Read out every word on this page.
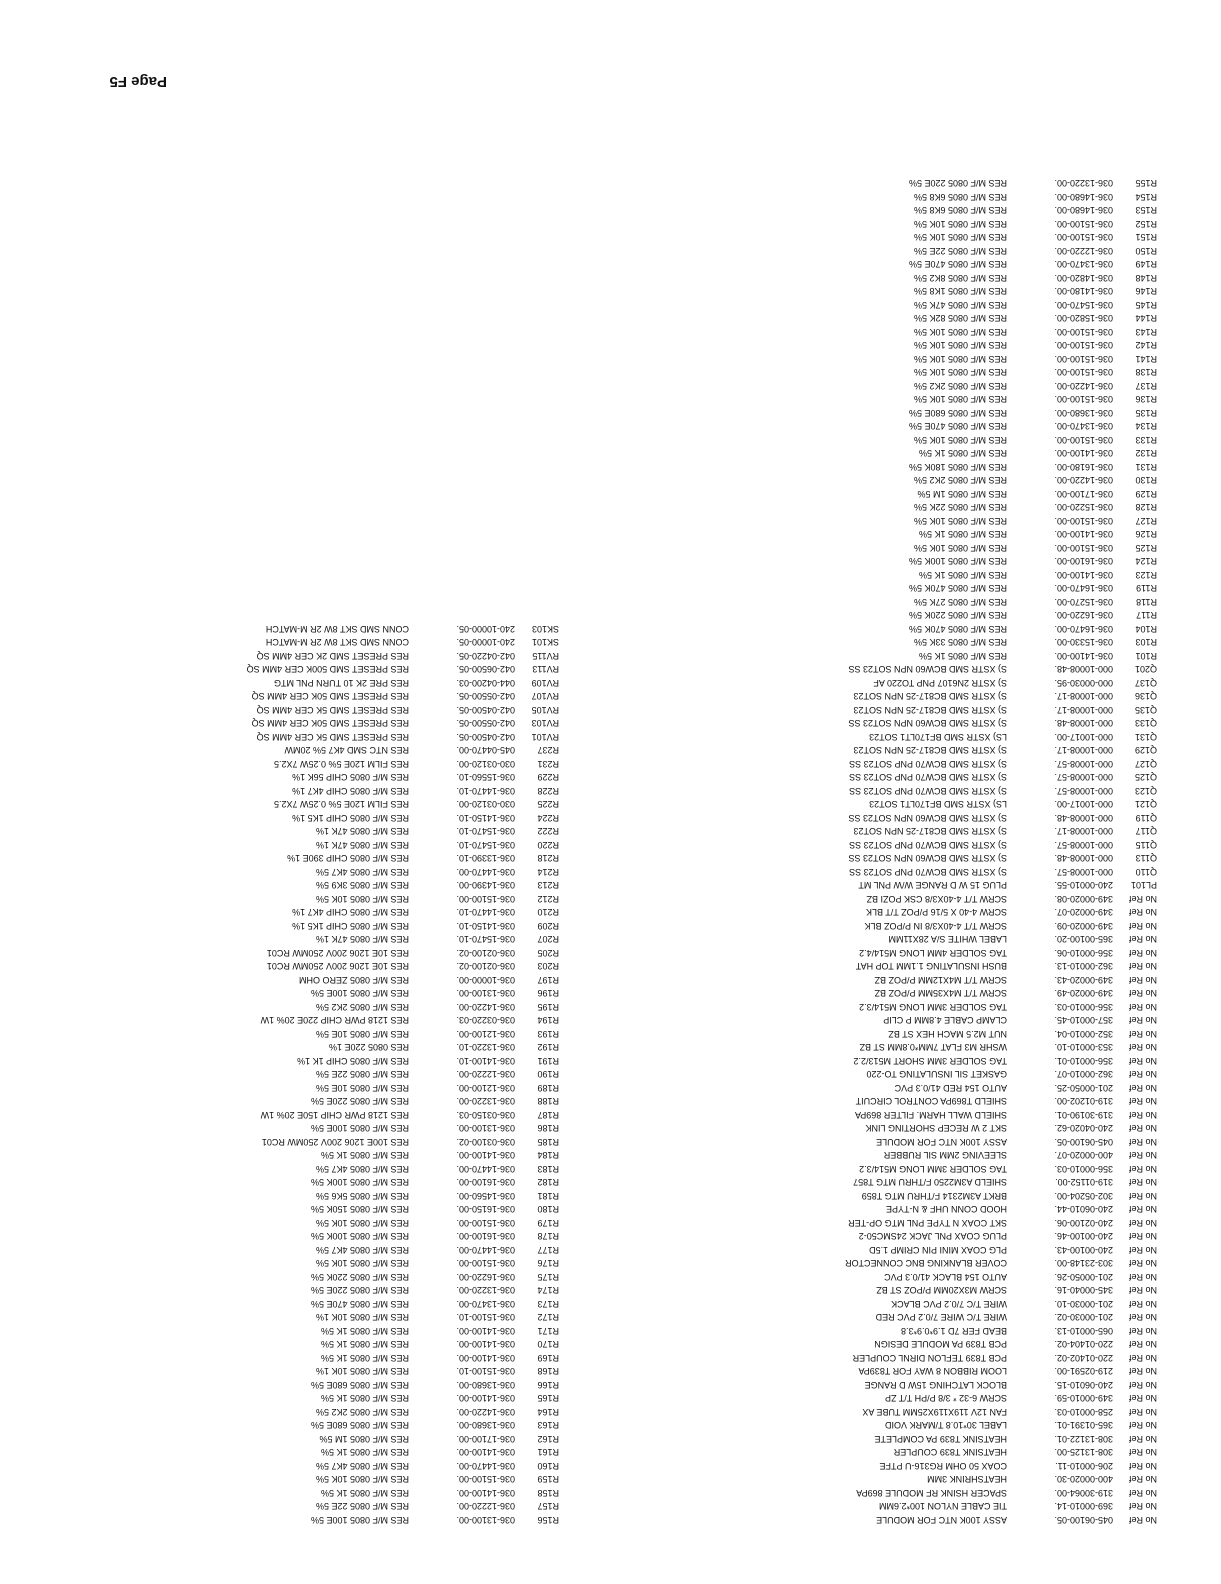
Page F5
No Ref
045-06100-05.
ASSY 100K NTC FOR MODULE
No Ref
369-00010-14.
TIE CABLE NYLON 100*2.6MM
No Ref
319-30064-00.
SPACER HSINK RF MODULE 869PA
No Ref
400-00020-30.
HEATSHRINK 3MM
No Ref
206-00010-11.
COAX 50 OHM RG316-U PTFE
No Ref
308-13125-00.
HEATSINK T839 COUPLER
No Ref
308-13122-01.
HEATSINK T839 PA COMPLETE
No Ref
365-01391-01.
LABEL 30*10.8 T/MARK VOID
No Ref
258-00010-03.
FAN 12V 119X119X25MM TUBE AX
No Ref
349-00010-59.
SCRW 6-32 * 3/8 P/PH T/T ZP
No Ref
240-06010-15.
BLOCK LATCHING 15W D RANGE
No Ref
219-02591-00.
LOOM RIBBON 8 WAY FOR T839PA
No Ref
220-01402-02.
PCB T839 TEFLON DIRNL COUPLER
No Ref
220-01404-02.
PCB T839 PA MODULE DESIGN
No Ref
065-00010-13.
BEAD FER 7D 1.9*0.9*3.8
No Ref
201-00030-02.
WIRE T/C WIRE 7/0.2 PVC RED
No Ref
201-00030-10.
WIRE T/C 7/0.2 PVC BLACK
No Ref
345-00040-16.
SCRW M3X20MM P/POZ ST BZ
No Ref
201-00050-26.
AUTO 154 BLACK 41/0.3 PVC
No Ref
303-23148-00.
COVER BLANKING BNC CONNECTOR
No Ref
240-00100-43.
PLG COAX MINI PIN CRIMP 1.5D
No Ref
240-00100-46.
PLUG COAX PNL JACK 24SMC50-2
No Ref
240-02100-06.
SKT COAX N TYPE PNL MTG OP-TER
No Ref
240-06010-44.
HOOD CONN UHF & N-TYPE
No Ref
302-05204-00.
BRKT A3M2314 F/THRU MTG T859
No Ref
319-01152-00.
SHIELD A3M2250 F/THRU MTG T857
No Ref
356-00010-03.
TAG SOLDER 3MM LONG M514/3.2
No Ref
400-00020-07.
SLEEVING 2MM SIL RUBBER
No Ref
045-06100-05.
ASSY 100K NTC FOR MODULE
No Ref
240-04020-62.
SKT 2 W RECEP SHORTING LINK
No Ref
319-30190-01.
SHIELD WALL HARM. FILTER 869PA
No Ref
319-01202-00.
SHIELD T869PA CONTROL CIRCUIT
No Ref
201-00050-25.
AUTO 154 RED 41/0.3 PVC
No Ref
362-00010-07.
GASKET SIL INSULATING TO-220
No Ref
356-00010-01.
TAG SOLDER 3MM SHORT M513/2.2
No Ref
353-00010-10.
WSHR M3 FLAT 7MM*0.8MM ST BZ
No Ref
352-00010-04.
NUT M2.5 MACH HEX ST BZ
No Ref
357-00010-45.
CLAMP CABLE 4.8MM P CLIP
No Ref
356-00010-03.
TAG SOLDER 3MM LONG M514/3.2
No Ref
349-00020-49.
SCRW T/T M4X35MM P/POZ BZ
No Ref
349-00020-43.
SCRW T/T M4X12MM P/POZ BZ
No Ref
362-00010-13.
BUSH INSULATING 1.1MM TOP HAT
No Ref
356-00010-06.
TAG SOLDER 4MM LONG M514/4.2
No Ref
365-00100-20.
LABEL WHITE S/A 28X11MM
No Ref
349-00020-09.
SCRW T/T 4-40X3/8 IN P/POZ BLK
No Ref
349-00020-07.
SCRW 4-40 X 5/16 P/POZ T/T BLK
No Ref
349-00020-08.
SCRW T/T 4-40X3/8 CSK POZI BZ
PL101
240-00010-55.
PLUG 15 W D RANGE W/W PNL MT
Q110
000-10008-57.
S) XSTR SMD BCW70 PNP SOT23 SS
Q113
000-10008-48.
S) XSTR SMD BCW60 NPN SOT23 SS
Q115
000-10008-57.
S) XSTR SMD BCW70 PNP SOT23 SS
Q117
000-10008-17.
S) XSTR SMD BC817-25 NPN SOT23
Q119
000-10008-48.
S) XSTR SMD BCW60 NPN SOT23 SS
Q121
000-10017-00.
LS) XSTR SMD BF170LT1 SOT23
Q123
000-10008-57.
S) XSTR SMD BCW70 PNP SOT23 SS
Q125
000-10008-57.
S) XSTR SMD BCW70 PNP SOT23 SS
Q127
000-10008-57.
S) XSTR SMD BCW70 PNP SOT23 SS
Q129
000-10008-17.
S) XSTR SMD BC817-25 NPN SOT23
Q131
000-10017-00.
LS) XSTR SMD BF170LT1 SOT23
Q133
000-10008-48.
S) XSTR SMD BCW60 NPN SOT23 SS
Q135
000-10008-17.
S) XSTR SMD BC817-25 NPN SOT23
Q136
000-10008-17.
S) XSTR SMD BC817-25 NPN SOT23
Q137
000-00030-95.
S) XSTR 2N6107 PNP TO220 AF
Q201
000-10008-48.
S) XSTR SMD BCW60 NPN SOT23 SS
R101
036-14100-00.
RES M/F 0805 1K 5%
R103
036-15330-00.
RES M/F 0805 33K 5%
R104
036-16470-00.
RES M/F 0805 470K 5%
R117
036-16220-00.
RES M/F 0805 220K 5%
R118
036-15270-00.
RES M/F 0805 27K 5%
R119
036-16470-00.
RES M/F 0805 470K 5%
R123
036-14100-00.
RES M/F 0805 1K 5%
R124
036-16100-00.
RES M/F 0805 100K 5%
R125
036-15100-00.
RES M/F 0805 10K 5%
R126
036-14100-00.
RES M/F 0805 1K 5%
R127
036-15100-00.
RES M/F 0805 10K 5%
R128
036-15220-00.
RES M/F 0805 22K 5%
R129
036-17100-00.
RES M/F 0805 1M 5%
R130
036-14220-00.
RES M/F 0805 2K2 5%
R131
036-16180-00.
RES M/F 0805 180K 5%
R132
036-14100-00.
RES M/F 0805 1K 5%
R133
036-15100-00.
RES M/F 0805 10K 5%
R134
036-13470-00.
RES M/F 0805 470E 5%
R135
036-13680-00.
RES M/F 0805 680E 5%
R136
036-15100-00.
RES M/F 0805 10K 5%
R137
036-14220-00.
RES M/F 0805 2K2 5%
R138
036-15100-00.
RES M/F 0805 10K 5%
R141
036-15100-00.
RES M/F 0805 10K 5%
R142
036-15100-00.
RES M/F 0805 10K 5%
R143
036-15100-00.
RES M/F 0805 10K 5%
R144
036-15820-00.
RES M/F 0805 82K 5%
R145
036-15470-00.
RES M/F 0805 47K 5%
R146
036-14180-00.
RES M/F 0805 1K8 5%
R148
036-14820-00.
RES M/F 0805 8K2 5%
R149
036-13470-00.
RES M/F 0805 470E 5%
R150
036-12220-00.
RES M/F 0805 22E 5%
R151
036-15100-00.
RES M/F 0805 10K 5%
R152
036-15100-00.
RES M/F 0805 10K 5%
R153
036-14680-00.
RES M/F 0805 6K8 5%
R154
036-14680-00.
RES M/F 0805 6K8 5%
R155
036-13220-00.
RES M/F 0805 220E 5%
R156
036-13100-00.
RES M/F 0805 100E 5%
R157
036-12220-00.
RES M/F 0805 22E 5%
R158
036-14100-00.
RES M/F 0805 1K 5%
R159
036-15100-00.
RES M/F 0805 10K 5%
R160
036-14470-00.
RES M/F 0805 4K7 5%
R161
036-14100-00.
RES M/F 0805 1K 5%
R162
036-17100-00.
RES M/F 0805 1M 5%
R163
036-13680-00.
RES M/F 0805 680E 5%
R164
036-14220-00.
RES M/F 0805 2K2 5%
R165
036-14100-00.
RES M/F 0805 1K 5%
R166
036-13680-00.
RES M/F 0805 680E 5%
R168
036-15100-10.
RES M/F 0805 10K 1%
R169
036-14100-00.
RES M/F 0805 1K 5%
R170
036-14100-00.
RES M/F 0805 1K 5%
R171
036-14100-00.
RES M/F 0805 1K 5%
R172
036-15100-10.
RES M/F 0805 10K 1%
R173
036-13470-00.
RES M/F 0805 470E 5%
R174
036-13220-00.
RES M/F 0805 220E 5%
R175
036-16220-00.
RES M/F 0805 220K 5%
R176
036-15100-00.
RES M/F 0805 10K 5%
R177
036-14470-00.
RES M/F 0805 4K7 5%
R178
036-16100-00.
RES M/F 0805 100K 5%
R179
036-15100-00.
RES M/F 0805 10K 5%
R180
036-16150-00.
RES M/F 0805 150K 5%
R181
036-14560-00.
RES M/F 0805 5K6 5%
R182
036-16100-00.
RES M/F 0805 100K 5%
R183
036-14470-00.
RES M/F 0805 4K7 5%
R184
036-14100-00.
RES M/F 0805 1K 5%
R185
036-03100-02.
RES 100E 1206 200V 250MW RC01
R186
036-13100-00.
RES M/F 0805 100E 5%
R187
036-03150-03.
RES 1218 PWR CHIP 150E 20% 1W
R188
036-13220-00.
RES M/F 0805 220E 5%
R189
036-12100-00.
RES M/F 0805 10E 5%
R190
036-12220-00.
RES M/F 0805 22E 5%
R191
036-14100-10.
RES M/F 0805 CHIP 1K 1%
R192
036-13220-10.
RES 0805 220E 1%
R193
036-12100-00.
RES M/F 0805 10E 5%
R194
036-03220-03.
RES 1218 PWR CHIP 220E 20% 1W
R195
036-14220-00.
RES M/F 0805 2K2 5%
R196
036-13100-00.
RES M/F 0805 100E 5%
R197
036-10000-00.
RES M/F 0805 ZERO OHM
R203
036-02100-02.
RES 10E 1206 200V 250MW RC01
R205
036-02100-02.
RES 10E 1206 200V 250MW RC01
R207
036-15470-10.
RES M/F 0805 47K 1%
R209
036-14150-10.
RES M/F 0805 CHIP 1K5 1%
R210
036-14470-10.
RES M/F 0805 CHIP 4K7 1%
R212
036-15100-00.
RES M/F 0805 10K 5%
R213
036-14390-00.
RES M/F 0805 3K9 5%
R214
036-14470-00.
RES M/F 0805 4K7 5%
R218
036-13390-10.
RES M/F 0805 CHIP 390E 1%
R220
036-15470-10.
RES M/F 0805 47K 1%
R222
036-15470-10.
RES M/F 0805 47K 1%
R224
036-14150-10.
RES M/F 0805 CHIP 1K5 1%
R225
030-03120-00.
RES FILM 120E 5% 0.25W 7X2.5
R228
036-14470-10.
RES M/F 0805 CHIP 4K7 1%
R229
036-15560-10.
RES M/F 0805 CHIP 56K 1%
R231
030-03120-00.
RES FILM 120E 5% 0.25W 7X2.5
R237
045-04470-00.
RES NTC SMD 4K7 5% 20MW
RV101
042-04500-05.
RES PRESET SMD 5K CER 4MM SQ
RV103
042-05500-05.
RES PRESET SMD 50K CER 4MM SQ
RV105
042-04500-05.
RES PRESET SMD 5K CER 4MM SQ
RV107
042-05500-05.
RES PRESET SMD 50K CER 4MM SQ
RV109
044-04200-03.
RES PRE 2K 10 TURN PNL MTG
RV113
042-06500-05.
RES PRESET SMD 500K CER 4MM SQ
RV115
042-04220-05.
RES PRESET SMD 2K CER 4MM SQ
SK101
240-10000-05.
CONN SMD SKT 8W 2R M-MATCH
SK103
240-10000-05.
CONN SMD SKT 8W 2R M-MATCH
